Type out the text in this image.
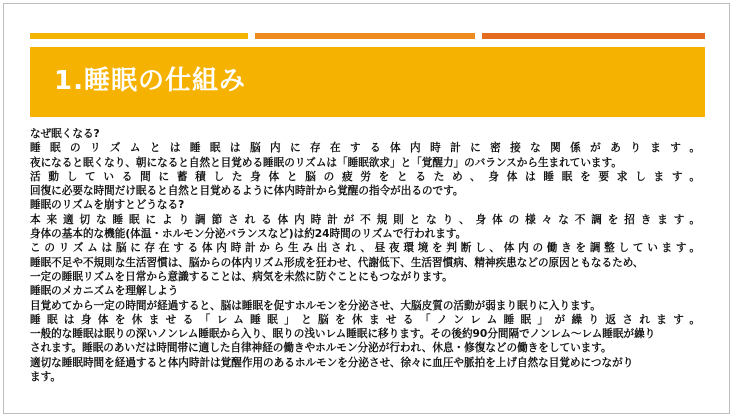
1.睡眠の仕組み
なぜ眠くなる?
睡眠のリズムとは睡眠は脳内に存在する体内時計に密接な関係があります。
夜になると眠くなり、朝になると自然と目覚める睡眠のリズムは「睡眠欲求」と「覚醒力」のバランスから生まれています。
活動している間に蓄積した身体と脳の疲労をとるため、身体は睡眠を要求します。
回復に必要な時間だけ眠ると自然と目覚めるように体内時計から覚醒の指令が出るのです。
睡眠のリズムを崩すとどうなる?
本来適切な睡眠により調節される体内時計が不規則となり、身体の様々な不調を招きます。
身体の基本的な機能(体温・ホルモン分泌バランスなど)は約24時間のリズムで行われます。
このリズムは脳に存在する体内時計から生み出され、昼夜環境を判断し、体内の働きを調整しています。
睡眠不足や不規則な生活習慣は、脳からの体内リズム形成を狂わせ、代謝低下、生活習慣病、精神疾患などの原因ともなるため、
一定の睡眠リズムを日常から意識することは、病気を未然に防ぐことにもつながります。
睡眠のメカニズムを理解しよう
目覚めてから一定の時間が経過すると、脳は睡眠を促すホルモンを分泌させ、大脳皮質の活動が弱まり眠りに入ります。
睡眠は身体を休ませる「レム睡眠」と脳を休ませる「ノンレム睡眠」が繰り返されます。
一般的な睡眠は眠りの深いノンレム睡眠から入り、眠りの浅いレム睡眠に移ります。その後約90分間隔でノンレム〜レム睡眠が繰り
されます。睡眠のあいだは時間帯に適した自律神経の働きやホルモン分泌が行われ、休息・修復などの働きをしています。
適切な睡眠時間を経過すると体内時計は覚醒作用のあるホルモンを分泌させ、徐々に血圧や脈拍を上げ自然な目覚めにつながり
ます。
